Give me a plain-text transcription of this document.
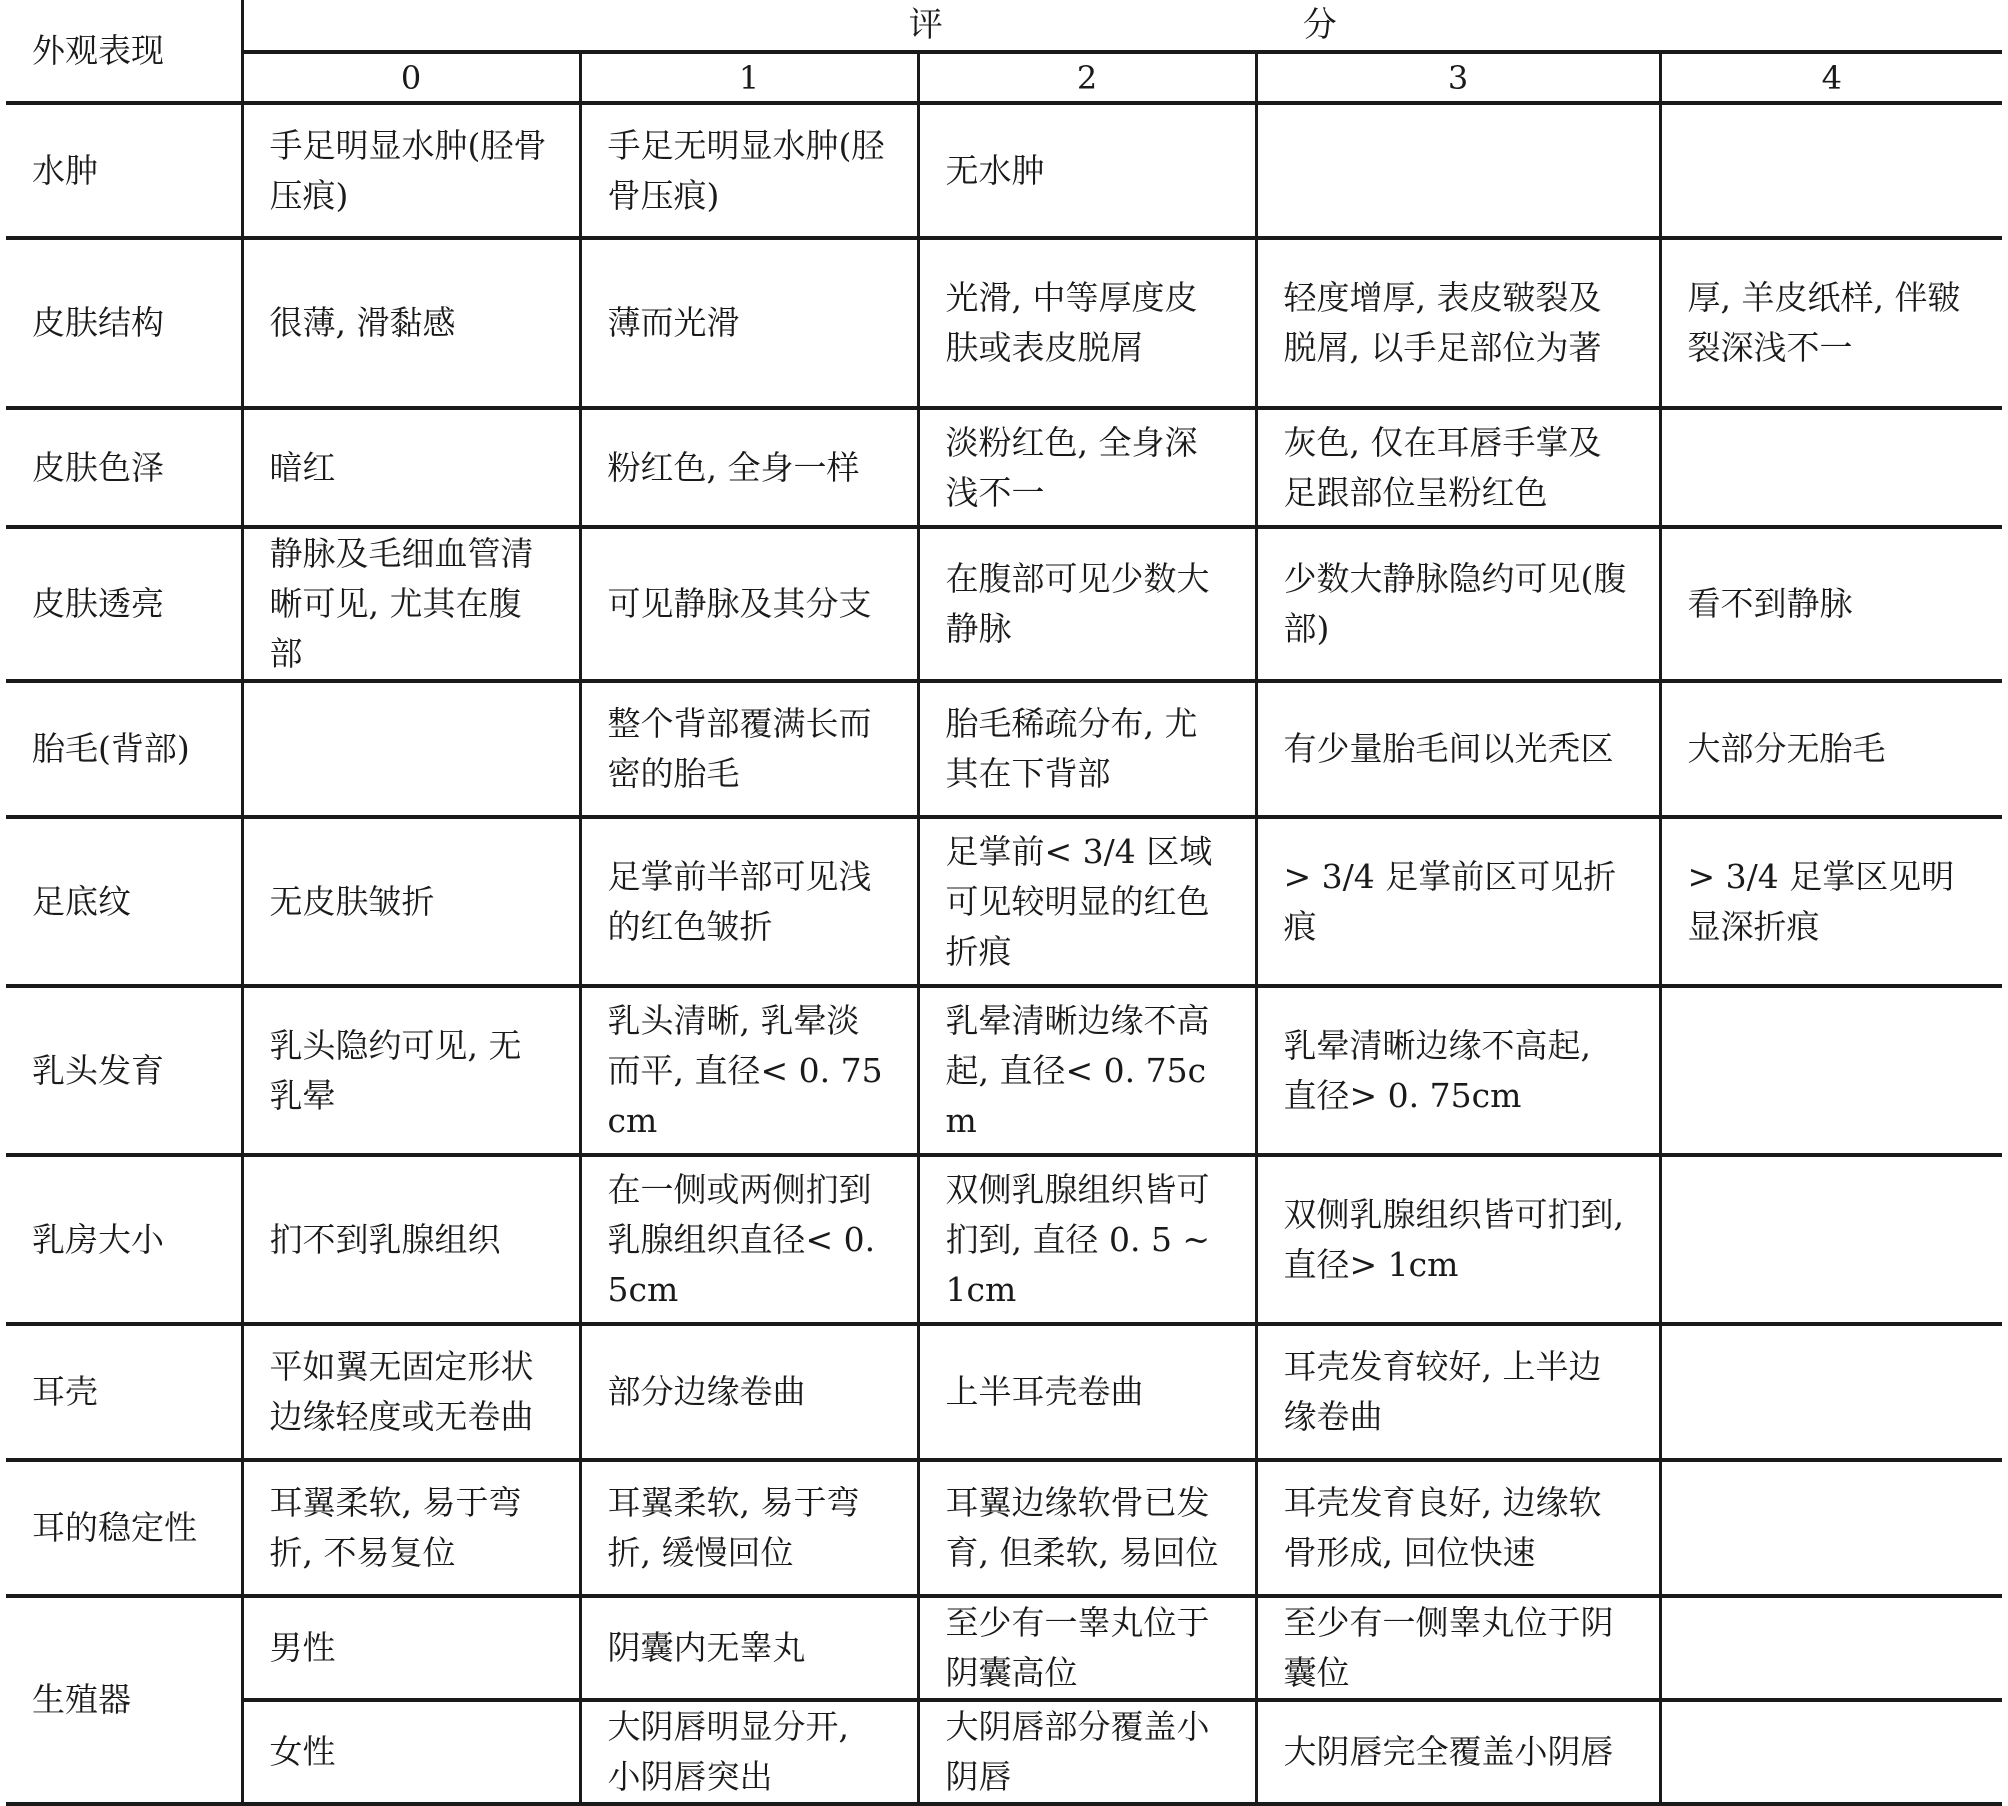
外观表现	评 分				

	0	1	2	3	4
水肿	手足明显水肿(胫骨压痕)	手足无明显水肿(胫骨压痕)	无水肿		
皮肤结构	很薄, 滑黏感	薄而光滑	光滑, 中等厚度皮肤或表皮脱屑	轻度增厚, 表皮皲裂及脱屑, 以手足部位为著	厚, 羊皮纸样, 伴皲裂深浅不一
皮肤色泽	暗红	粉红色, 全身一样	淡粉红色, 全身深浅不一	灰色, 仅在耳唇手掌及足跟部位呈粉红色	
皮肤透亮	静脉及毛细血管清晰可见, 尤其在腹部	可见静脉及其分支	在腹部可见少数大静脉	少数大静脉隐约可见(腹部)	看不到静脉
胎毛(背部)		整个背部覆满长而密的胎毛	胎毛稀疏分布, 尤其在下背部	有少量胎毛间以光秃区	大部分无胎毛
足底纹	无皮肤皱折	足掌前半部可见浅的红色皱折	足掌前< 3/4 区域可见较明显的红色折痕	> 3/4 足掌前区可见折痕	> 3/4 足掌区见明显深折痕
乳头发育	乳头隐约可见, 无乳晕	乳头清晰, 乳晕淡而平, 直径< 0. 75cm	乳晕清晰边缘不高起, 直径< 0. 75cm	乳晕清晰边缘不高起, 直径> 0. 75cm	
乳房大小	扪不到乳腺组织	在一侧或两侧扪到乳腺组织直径< 0. 5cm	双侧乳腺组织皆可扪到, 直径 0. 5 ~ 1cm	双侧乳腺组织皆可扪到, 直径> 1cm	
耳壳	平如翼无固定形状边缘轻度或无卷曲	部分边缘卷曲	上半耳壳卷曲	耳壳发育较好, 上半边缘卷曲	
耳的稳定性	耳翼柔软, 易于弯折, 不易复位	耳翼柔软, 易于弯折, 缓慢回位	耳翼边缘软骨已发育, 但柔软, 易回位	耳壳发育良好, 边缘软骨形成, 回位快速	
生殖器	男性	阴囊内无睾丸	至少有一睾丸位于阴囊高位	至少有一侧睾丸位于阴囊位	
	女性	大阴唇明显分开, 小阴唇突出	大阴唇部分覆盖小阴唇	大阴唇完全覆盖小阴唇	
